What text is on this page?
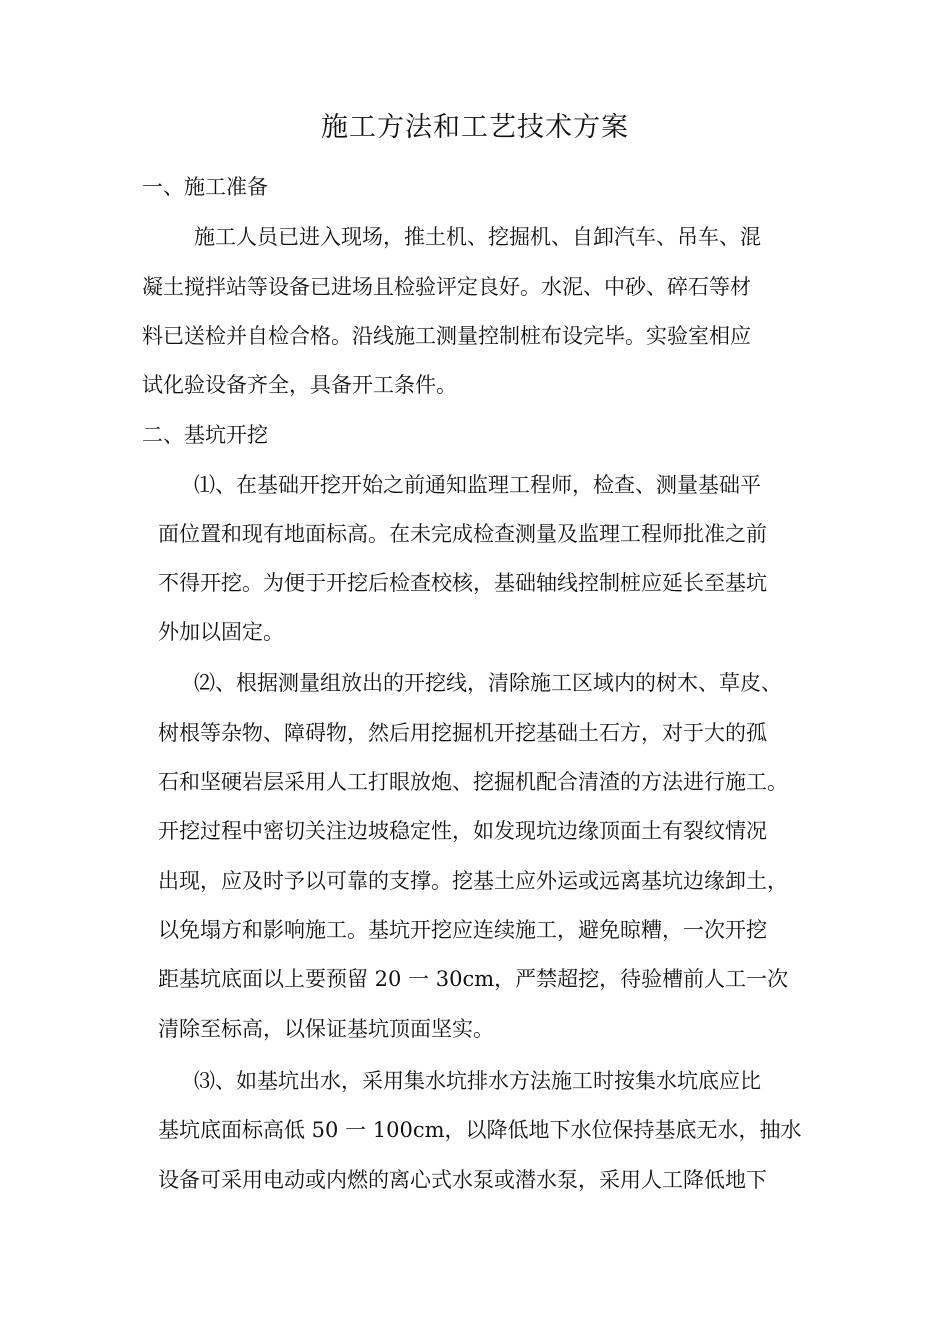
施工方法和工艺技术方案
一、施工准备
施工人员已进入现场，推土机、挖掘机、自卸汽车、吊车、混
凝土搅拌站等设备已进场且检验评定良好。水泥、中砂、碎石等材
料已送检并自检合格。沿线施工测量控制桩布设完毕。实验室相应
试化验设备齐全，具备开工条件。
二、基坑开挖
⑴、在基础开挖开始之前通知监理工程师，检查、测量基础平
面位置和现有地面标高。在未完成检查测量及监理工程师批准之前
不得开挖。为便于开挖后检查校核，基础轴线控制桩应延长至基坑
外加以固定。
⑵、根据测量组放出的开挖线，清除施工区域内的树木、草皮、
树根等杂物、障碍物，然后用挖掘机开挖基础土石方，对于大的孤
石和坚硬岩层采用人工打眼放炮、挖掘机配合清渣的方法进行施工。
开挖过程中密切关注边坡稳定性，如发现坑边缘顶面土有裂纹情况
出现，应及时予以可靠的支撑。挖基土应外运或远离基坑边缘卸土，
以免塌方和影响施工。基坑开挖应连续施工，避免晾糟，一次开挖
距基坑底面以上要预留 20 一 30cm，严禁超挖，待验槽前人工一次
清除至标高，以保证基坑顶面坚实。
⑶、如基坑出水，采用集水坑排水方法施工时按集水坑底应比
基坑底面标高低 50 一 100cm，以降低地下水位保持基底无水，抽水
设备可采用电动或内燃的离心式水泵或潜水泵，采用人工降低地下
